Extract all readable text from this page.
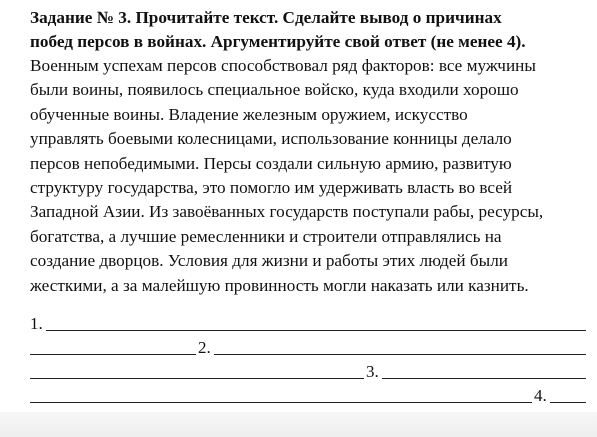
Задание № 3. Прочитайте текст. Сделайте вывод о причинах

побед персов в войнах. Аргументируйте свой ответ (не менее 4).

Военным успехам персов способствовал ряд факторов: все мужчины

были воины, появилось специальное войско, куда входили хорошо

обученные воины. Владение железным оружием, искусство

управлять боевыми колесницами, использование конницы делало

персов непобедимыми. Персы создали сильную армию, развитую

структуру государства, это помогло им удерживать власть во всей

Западной Азии. Из завоёванных государств поступали рабы, ресурсы,

богатства, а лучшие ремесленники и строители отправлялись на

создание дворцов. Условия для жизни и работы этих людей были

жесткими, а за малейшую провинность могли наказать или казнить.

1.
2.
3.
4.
